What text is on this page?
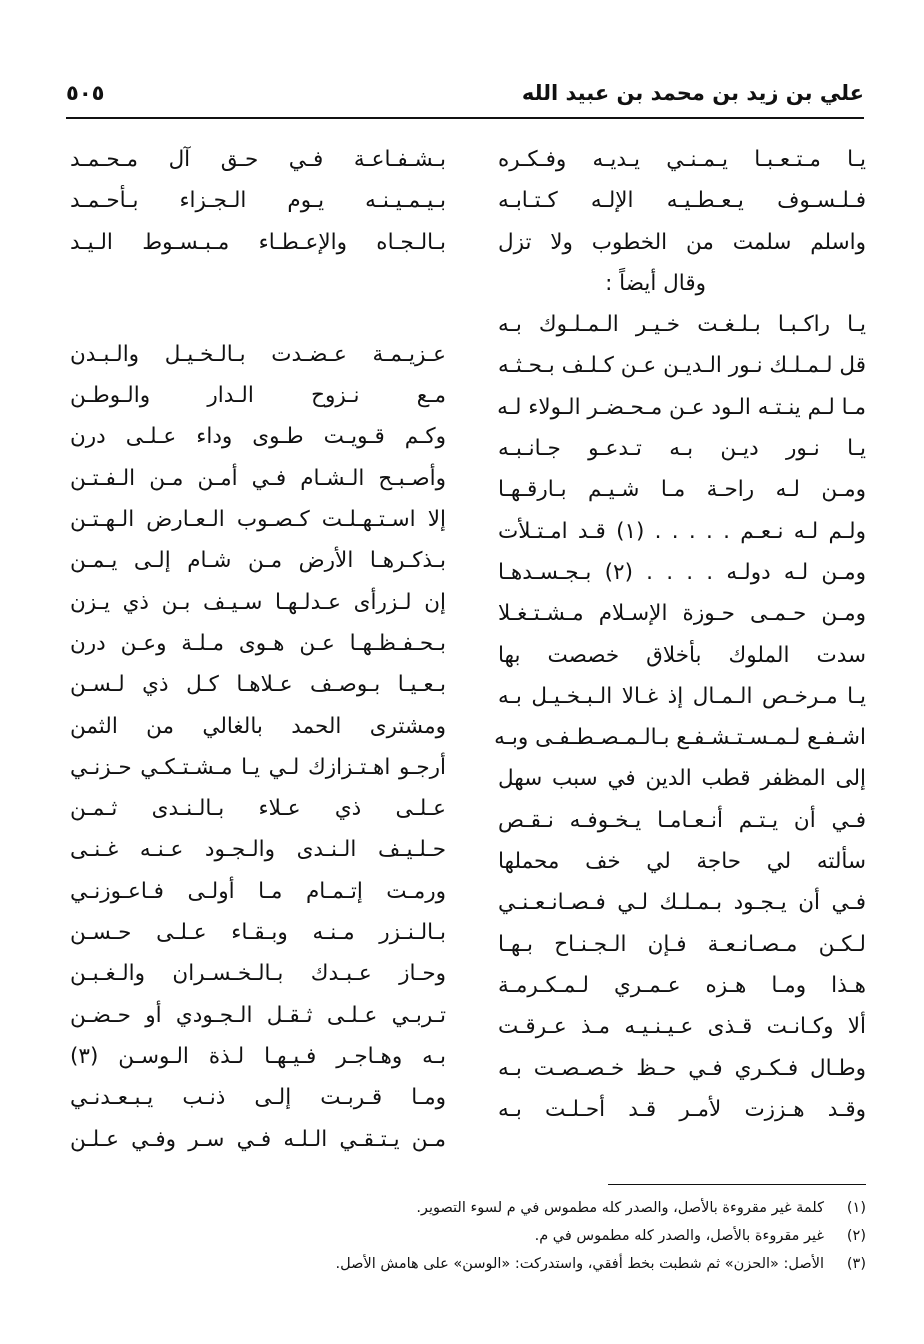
علي بن زيد بن محمد بن عبيد الله
٥٠٥
يـا مـتـعـبـا يـمـنـي يـديـه وفـكـره
فـلـسـوف يـعـطـيـه الإلـه كـتـابـه
واسلم سلمت من الخطوب ولا تزل
وقال أيضاً :
يـا راكـبـا بـلـغـت خـيـر الـمـلـوك بـه
قل لـمـلـك نـور الـديـن عـن كـلـف بـحـثـه
مـا لـم ينـتـه الـود عـن مـحـضـر الـولاء لـه
يـا نـور ديـن بـه تـدعـو جـانـبـه
ومـن لـه راحـة مـا شـيـم بـارقـهـا
ولـم لـه نـعـم . . . . . (١) قـد امـتـلأت
ومـن لـه دولـه . . . . (٢) بـجـسـدهـا
ومـن حـمـى حـوزة الإسـلام مـشـتـغـلا
سدت الملوك بأخلاق خصصت بها
يـا مـرخـص الـمـال إذ غـالا الـبـخـيـل بـه
اشـفـع لـمـسـتـشـفـع بـالـمـصـطـفـى وبـه
إلى المظفر قطب الدين في سبب سهل
فـي أن يـتـم أنـعـامـا يـخـوفـه نـقـص
سألته لي حاجة لي خف محملها
فـي أن يـجـود بـمـلـك لـي فـصـانـعـنـي
لـكـن مـصـانـعـة فـإن الـجـنـاح بـهـا
هـذا ومـا هـزه عـمـري لـمـكـرمـة
ألا وكـانـت قـذى عـيـنـيـه مـذ عـرقـت
وطـال فـكـري فـي حـظ خـصـصـت بـه
وقـد هـززت لأمـر قـد أحـلـت بـه
بـشـفـاعـة فـي حـق آل مـحـمـد
بـيـمـيـنـه يـوم الـجـزاء بـأحـمـد
بـالـجـاه والإعـطـاء مـبـسـوط الـيـد
عـزيـمـة عـضـدت بـالـخـيـل والـبـدن
مـع نـزوح الـدار والـوطـن
وكـم قـويـت طـوى وداء عـلـى درن
وأصـبـح الـشـام فـي أمـن مـن الـفـتـن
إلا اسـتـهـلـت كـصـوب الـعـارض الـهـتـن
بـذكـرهـا الأرض مـن شـام إلـى يـمـن
إن لـزرأى عـدلـهـا سـيـف بـن ذي يـزن
بـحـفـظـهـا عـن هـوى مـلـة وعـن درن
بـعـيـا بـوصـف عـلاهـا كـل ذي لـسـن
ومشترى الحمد بالغالي من الثمن
أرجـو اهـتـزازك لـي يـا مـشـتـكـي حـزنـي
عـلـى ذي عـلاء بـالـنـدى ثـمـن
حـلـيـف الـنـدى والـجـود عـنـه غـنـى
ورمـت إتـمـام مـا أولـى فـاعـوزنـي
بـالـنـزر مـنـه وبـقـاء عـلـى حـسـن
وحـاز عـبـدك بـالـخـسـران والـغـبـن
تـربـي عـلـى ثـقـل الـجـودي أو حـضـن
بـه وهـاجـر فـيـهـا لـذة الـوسـن (٣)
ومـا قـربـت إلـى ذنـب يـبـعـدنـي
مـن يـتـقـي الـلـه فـي سـر وفـي عـلـن
(١)
كلمة غير مقروءة بالأصل، والصدر كله مطموس في م لسوء التصوير.
(٢)
غير مقروءة بالأصل، والصدر كله مطموس في م.
(٣)
الأصل: «الحزن» ثم شطبت بخط أفقي، واستدركت: «الوسن» على هامش الأصل.
